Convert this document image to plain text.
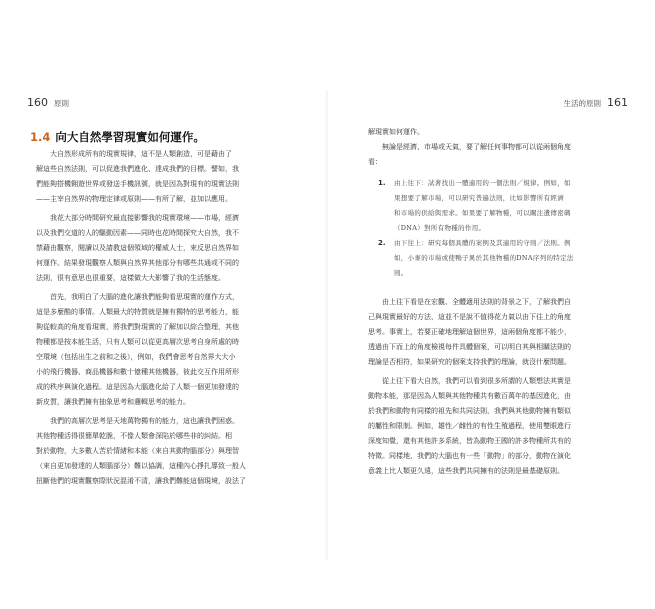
160 原則
1.4 向大自然學習現實如何運作。
大自然形成所有的現實規律，這不是人類創造，可是藉由了
解這些自然法則，可以促進我們進化、達成我們的目標。譬如，我
們能夠搭機翱遊世界或發送手機訊號，就是因為對現有的現實法則
——主宰自然界的物理定律或原則——有所了解，並加以應用。
我花大部分時間研究最直接影響我的現實環境——市場，經濟
以及我們交道的人的驅動因素——同時也花時間探究大自然，我不
禁藉由觀察，閱讀以及請教這個領域的權威人士，來反思自然界如
何運作。結果發現觀察人類與自然界其他部分有哪些共通或不同的
法則，很有意思也很重要，這樣做大大影響了我的生活態度。
首先，我明白了大腦的進化讓我們能夠看思現實的運作方式，
這是多麼酷的事情。人類最大的特質就是擁有獨特的思考能力，能
夠從較高的角度看現實，將我們對現實的了解加以綜合整理，其他
物種都是按本能生活，只有人類可以從更高層次思考自身所處的時
空環境（包括出生之前和之後），例如，我們會思考自然界大大小
小的飛行機器、商品機器和數十億種其他機器，彼此交互作用所形
成的秩序與演化過程。這是因為大腦進化給了人類一個更加發達的
新皮質，讓我們擁有抽象思考和邏輯思考的能力。
我們的高層次思考是天地萬物獨有的能力，這也讓我們困惑。
其他物種活得很簡單乾脆，不像人類會深陷於哪些非的糾結。相
對於動物，大多數人苦於情緒和本能（來自其動物腦部分）與理智
（來自更加發達的人類腦部分）難以協調，這種內心掙扎導致一般人
扭斷他們的現實觀察際狀況混淆不清，讓我們難能這個現境，設法了
生活的原則 161
解現實如何運作。
無論是經濟、市場或天氣，要了解任何事物都可以從兩個角度
看：
1.	由上往下：試著找出一體適用的一個法則／規律。例如，如
果想要了解市場，可以研究普遍法則，比如影響所有經濟
和市場的供給與需求。如果要了解物種，可以關注遺傳密碼
（DNA）對所有物種的作用。
2.	由下往上：研究每個具體的案例及其適用的守則／法則。例
如，小麥的市場或使鴨子異於其他物種的DNA序列的特定法
則。
由上往下看是在宏觀、全體適用法則的背景之下，了解我們自
己與現實最好的方法，這並不是說不值得花力氣以由下往上的角度
思考。事實上，若要正確地理解這個世界，這兩個角度都不能少，
透過由下而上的角度檢視每件具體個案，可以明白其與相關法則的
理論是否相符，如果研究的個案支持我們的理論，就沒什麼問題。
從上往下看大自然，我們可以看到很多所謂的人類想法其實是
動物本能，那是因為人類與其他物種共有數百萬年的基因進化，由
於我們和動物有同樣的祖先和共同法則，我們與其他動物擁有類似
的屬性和限制。例如，雄性／雌性的有性生殖過程，使用雙眼進行
深度知覺，還有其他許多系統，皆為動物王國的許多物種所共有的
特徵。同樣地，我們的大腦也有一些「動物」的部分，動物在演化
意義上比人類更久遠，這些我們共同擁有的法則是最基礎原則。
